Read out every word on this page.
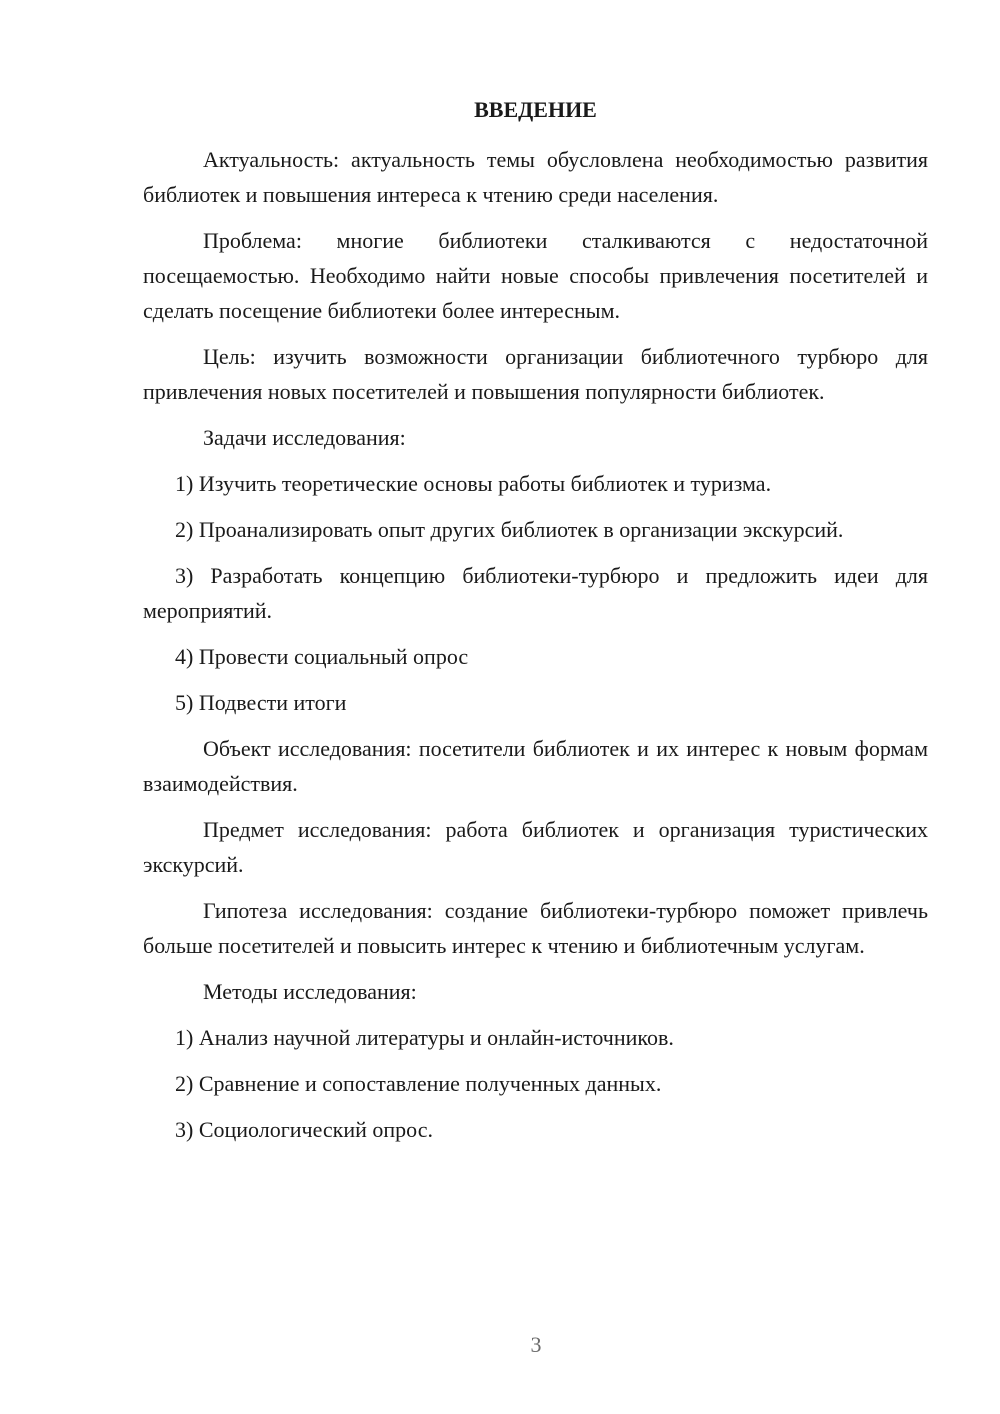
ВВЕДЕНИЕ

Актуальность: актуальность темы обусловлена необходимостью развития библиотек и повышения интереса к чтению среди населения.

Проблема: многие библиотеки сталкиваются с недостаточной посещаемостью. Необходимо найти новые способы привлечения посетителей и сделать посещение библиотеки более интересным.

Цель: изучить возможности организации библиотечного турбюро для привлечения новых посетителей и повышения популярности библиотек.

Задачи исследования:

1) Изучить теоретические основы работы библиотек и туризма.

2) Проанализировать опыт других библиотек в организации экскурсий.

3) Разработать концепцию библиотеки-турбюро и предложить идеи для мероприятий.

4) Провести социальный опрос

5) Подвести итоги

Объект исследования: посетители библиотек и их интерес к новым формам взаимодействия.

Предмет исследования: работа библиотек и организация туристических экскурсий.

Гипотеза исследования: создание библиотеки-турбюро поможет привлечь больше посетителей и повысить интерес к чтению и библиотечным услугам.

Методы исследования:

1) Анализ научной литературы и онлайн-источников.

2) Сравнение и сопоставление полученных данных.

3) Социологический опрос.

3
